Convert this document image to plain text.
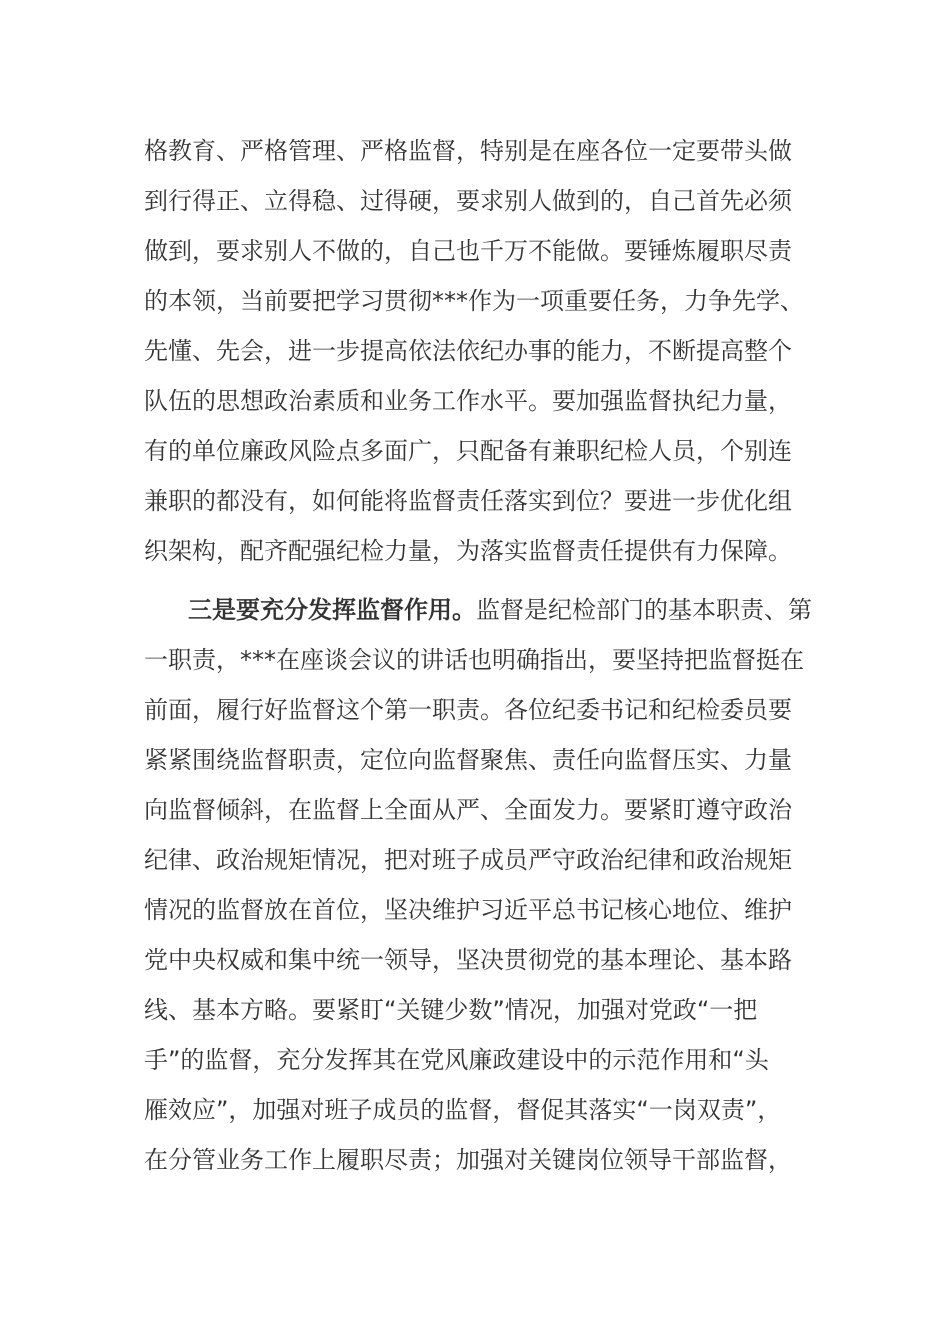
格教育、严格管理、严格监督，特别是在座各位一定要带头做

到行得正、立得稳、过得硬，要求别人做到的，自己首先必须

做到，要求别人不做的，自己也千万不能做。要锤炼履职尽责

的本领，当前要把学习贯彻***作为一项重要任务，力争先学、

先懂、先会，进一步提高依法依纪办事的能力，不断提高整个

队伍的思想政治素质和业务工作水平。要加强监督执纪力量，

有的单位廉政风险点多面广，只配备有兼职纪检人员，个别连

兼职的都没有，如何能将监督责任落实到位？要进一步优化组

织架构，配齐配强纪检力量，为落实监督责任提供有力保障。

三是要充分发挥监督作用。监督是纪检部门的基本职责、第

一职责，***在座谈会议的讲话也明确指出，要坚持把监督挺在

前面，履行好监督这个第一职责。各位纪委书记和纪检委员要

紧紧围绕监督职责，定位向监督聚焦、责任向监督压实、力量

向监督倾斜，在监督上全面从严、全面发力。要紧盯遵守政治

纪律、政治规矩情况，把对班子成员严守政治纪律和政治规矩

情况的监督放在首位，坚决维护习近平总书记核心地位、维护

党中央权威和集中统一领导，坚决贯彻党的基本理论、基本路

线、基本方略。要紧盯“关键少数”情况，加强对党政“一把

手”的监督，充分发挥其在党风廉政建设中的示范作用和“头

雁效应”，加强对班子成员的监督，督促其落实“一岗双责”，

在分管业务工作上履职尽责；加强对关键岗位领导干部监督，
